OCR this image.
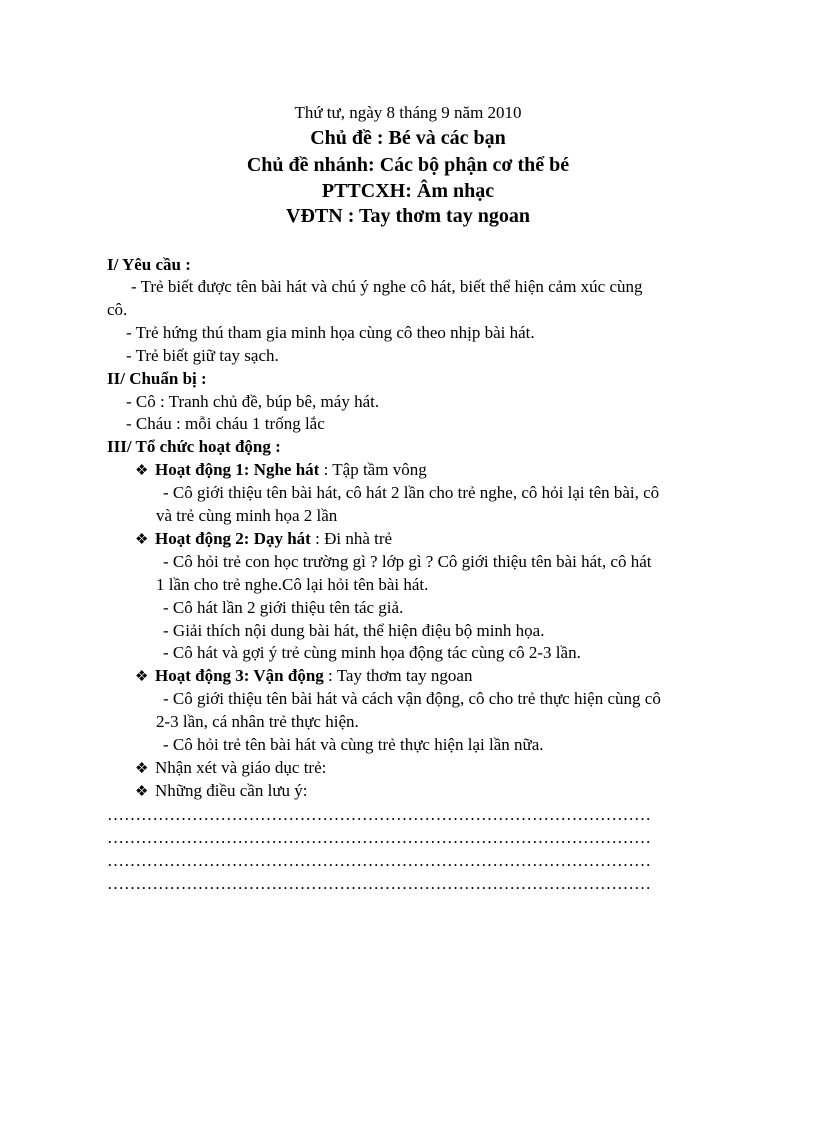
Thứ tư, ngày 8 tháng 9 năm 2010
Chủ đề : Bé và các bạn
Chủ đề nhánh: Các bộ phận cơ thể bé
PTTCXH: Âm nhạc
VĐTN : Tay thơm tay ngoan
I/ Yêu cầu :
- Trẻ biết được tên bài hát và chú ý nghe cô hát, biết thể hiện cảm xúc cùng
cô.
- Trẻ hứng thú tham gia minh họa cùng cô theo nhịp bài hát.
- Trẻ biết giữ tay sạch.
II/ Chuẩn bị :
- Cô : Tranh chủ đề, búp bê, máy hát.
- Cháu : mỗi cháu 1 trống lắc
III/ Tổ chức hoạt động :
❖ Hoạt động 1: Nghe hát : Tập tầm vông
- Cô giới thiệu tên bài hát, cô hát 2 lần cho trẻ nghe, cô hỏi lại tên bài, cô
và trẻ cùng minh họa 2 lần
❖ Hoạt động 2: Dạy hát : Đi nhà trẻ
- Cô hỏi trẻ con học trường gì ? lớp gì ? Cô giới thiệu tên bài hát, cô hát
1 lần cho trẻ nghe.Cô lại hỏi tên bài hát.
- Cô hát lần 2 giới thiệu tên tác giả.
- Giải thích nội dung bài hát, thể hiện điệu bộ minh họa.
- Cô hát và gợi ý trẻ cùng minh họa động tác cùng cô 2-3 lần.
❖ Hoạt động 3: Vận động : Tay thơm tay ngoan
- Cô giới thiệu tên bài hát và cách vận động, cô cho trẻ thực hiện cùng cô
2-3 lần, cá nhân trẻ thực hiện.
- Cô hỏi trẻ tên bài hát và cùng trẻ thực hiện lại lần nữa.
❖ Nhận xét và giáo dục trẻ:
❖ Những điều cần lưu ý:
……………………………………………………………………………………
……………………………………………………………………………………
……………………………………………………………………………………
……………………………………………………………………………………
